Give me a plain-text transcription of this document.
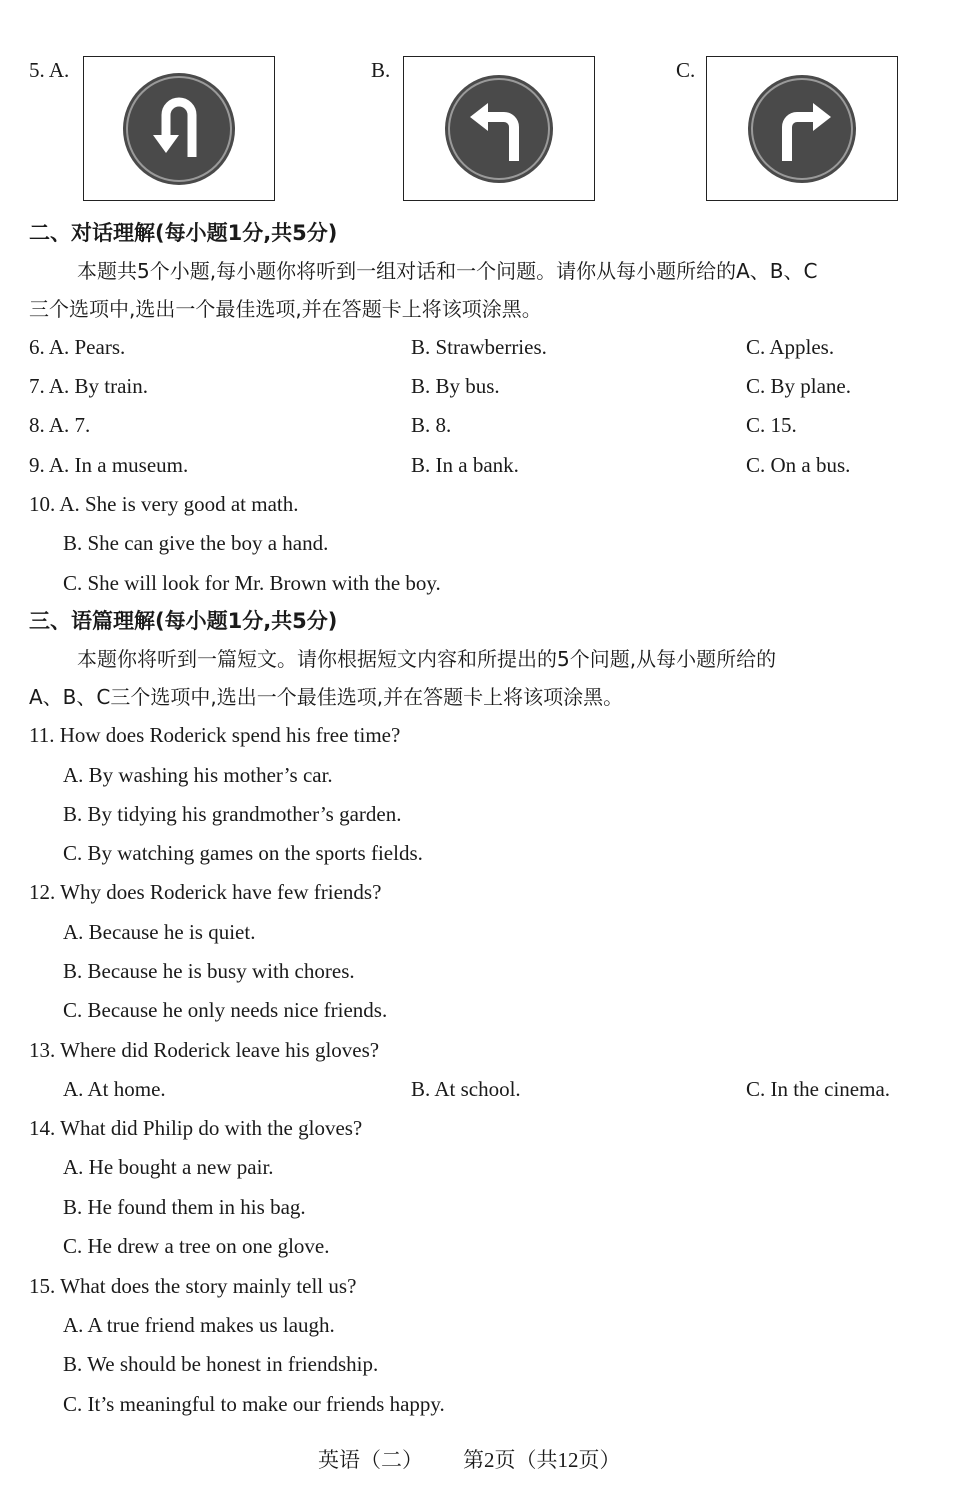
5. A.	B.	C.
二、对话理解(每小题1分,共5分)
本题共5个小题,每小题你将听到一组对话和一个问题。请你从每小题所给的A、B、C
三个选项中,选出一个最佳选项,并在答题卡上将该项涂黑。
6. A. Pears.	B. Strawberries.	C. Apples.
7. A. By train.	B. By bus.	C. By plane.
8. A. 7.	B. 8.	C. 15.
9. A. In a museum.	B. In a bank.	C. On a bus.
10. A. She is very good at math.
B. She can give the boy a hand.
C. She will look for Mr. Brown with the boy.
三、语篇理解(每小题1分,共5分)
本题你将听到一篇短文。请你根据短文内容和所提出的5个问题,从每小题所给的
A、B、C三个选项中,选出一个最佳选项,并在答题卡上将该项涂黑。
11. How does Roderick spend his free time?
A. By washing his mother’s car.
B. By tidying his grandmother’s garden.
C. By watching games on the sports fields.
12. Why does Roderick have few friends?
A. Because he is quiet.
B. Because he is busy with chores.
C. Because he only needs nice friends.
13. Where did Roderick leave his gloves?
A. At home.	B. At school.	C. In the cinema.
14. What did Philip do with the gloves?
A. He bought a new pair.
B. He found them in his bag.
C. He drew a tree on one glove.
15. What does the story mainly tell us?
A. A true friend makes us laugh.
B. We should be honest in friendship.
C. It’s meaningful to make our friends happy.
英语（二） 第2页（共12页）
